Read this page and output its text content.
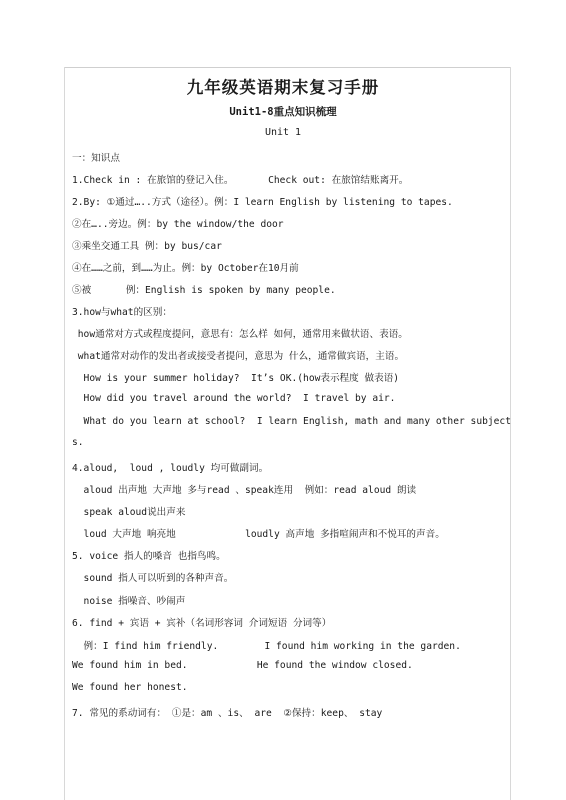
九年级英语期末复习手册
Unit1-8重点知识梳理
Unit 1
一：知识点
1.Check in : 在旅馆的登记入住。      Check out: 在旅馆结账离开。
2.By: ①通过…..方式（途径）。例：I learn English by listening to tapes.
②在…..旁边。例：by the window/the door
③乘坐交通工具 例：by bus/car
④在……之前，到……为止。例：by October在10月前
⑤被      例：English is spoken by many people.
3.how与what的区别：
how通常对方式或程度提问，意思有：怎么样 如何，通常用来做状语、表语。
what通常对动作的发出者或接受者提问，意思为 什么，通常做宾语，主语。
How is your summer holiday?  It’s OK.(how表示程度 做表语)
How did you travel around the world?  I travel by air.
What do you learn at school?  I learn English, math and many other subject
s.
4.aloud,  loud , loudly 均可做副词。
aloud 出声地 大声地 多与read 、speak连用  例如：read aloud 朗读
speak aloud说出声来
loud 大声地 响亮地            loudly 高声地 多指喧闹声和不悦耳的声音。
5. voice 指人的嗓音 也指鸟鸣。
sound 指人可以听到的各种声音。
noise 指噪音、吵闹声
6. find + 宾语 + 宾补（名词形容词 介词短语 分词等）
例：I find him friendly.        I found him working in the garden.
We found him in bed.            He found the window closed.
We found her honest.
7. 常见的系动词有： ①是：am 、is、 are  ②保持：keep、 stay
